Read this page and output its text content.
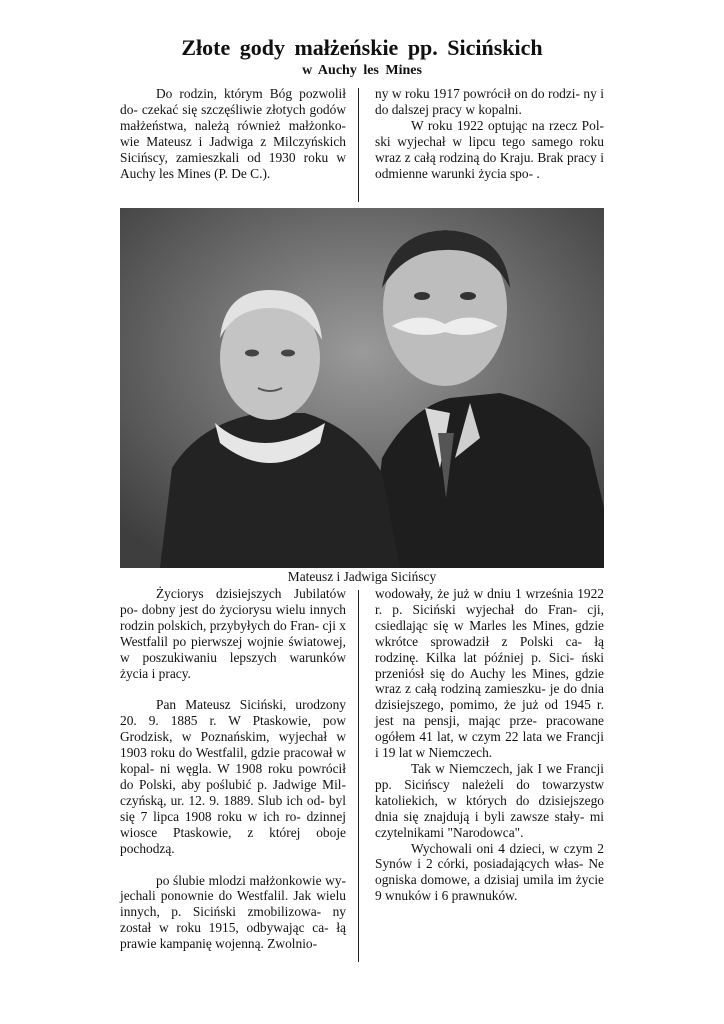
Złote gody małżeńskie pp. Sicińskich
w Auchy les Mines

Do rodzin, którym Bóg pozwolił do- czekać się szczęśliwie złotych godów małżeństwa, należą również małżonko- wie Mateusz i Jadwiga z Milczyńskich Sicińscy, zamieszkali od 1930 roku w Auchy les Mines (P. De C.).

ny w roku 1917 powrócił on do rodzi- ny i do dalszej pracy w kopalni.

W roku 1922 optując na rzecz Pol- ski wyjechał w lipcu tego samego roku wraz z całą rodziną do Kraju. Brak pracy i odmienne warunki życia spo- .

Mateusz i Jadwiga Sicińscy

Życiorys dzisiejszych Jubilatów po- dobny jest do życiorysu wielu innych rodzin polskich, przybyłych do Fran- cji x Westfalil po pierwszej wojnie światowej, w poszukiwaniu lepszych warunków życia i pracy.

Pan Mateusz Siciński, urodzony 20. 9. 1885 r. W Ptaskowie, pow Grodzisk, w Poznańskim, wyjechał w 1903 roku do Westfalil, gdzie pracował w kopal- ni węgla. W 1908 roku powrócił do Polski, aby poślubić p. Jadwige Mil- czyńską, ur. 12. 9. 1889. Slub ich od- byl się 7 lipca 1908 roku w ich ro- dzinnej wiosce Ptaskowie, z której oboje pochodzą.

po ślubie mlodzi małżonkowie wy- jechali ponownie do Westfalil. Jak wielu innych, p. Siciński zmobilizowa- ny został w roku 1915, odbywając ca- łą prawie kampanię wojenną. Zwolnio-

wodowały, że już w dniu 1 września 1922 r. p. Siciński wyjechał do Fran- cji, csiedlając się w Marles les Mines, gdzie wkrótce sprowadził z Polski ca- łą rodzinę. Kilka lat później p. Sici- ński przeniósł się do Auchy les Mines, gdzie wraz z całą rodziną zamieszku- je do dnia dzisiejszego, pomimo, że już od 1945 r. jest na pensji, mając prze- pracowane ogółem 41 lat, w czym 22 lata we Francji i 19 lat w Niemczech.

Tak w Niemczech, jak I we Francji pp. Sicińscy należeli do towarzystw katoliekich, w których do dzisiejszego dnia się znajdują i byli zawsze stały- mi czytelnikami "Narodowca".

Wychowali oni 4 dzieci, w czym 2 Synów i 2 córki, posiadających włas- Ne ogniska domowe, a dzisiaj umila im życie 9 wnuków i 6 prawnuków.
